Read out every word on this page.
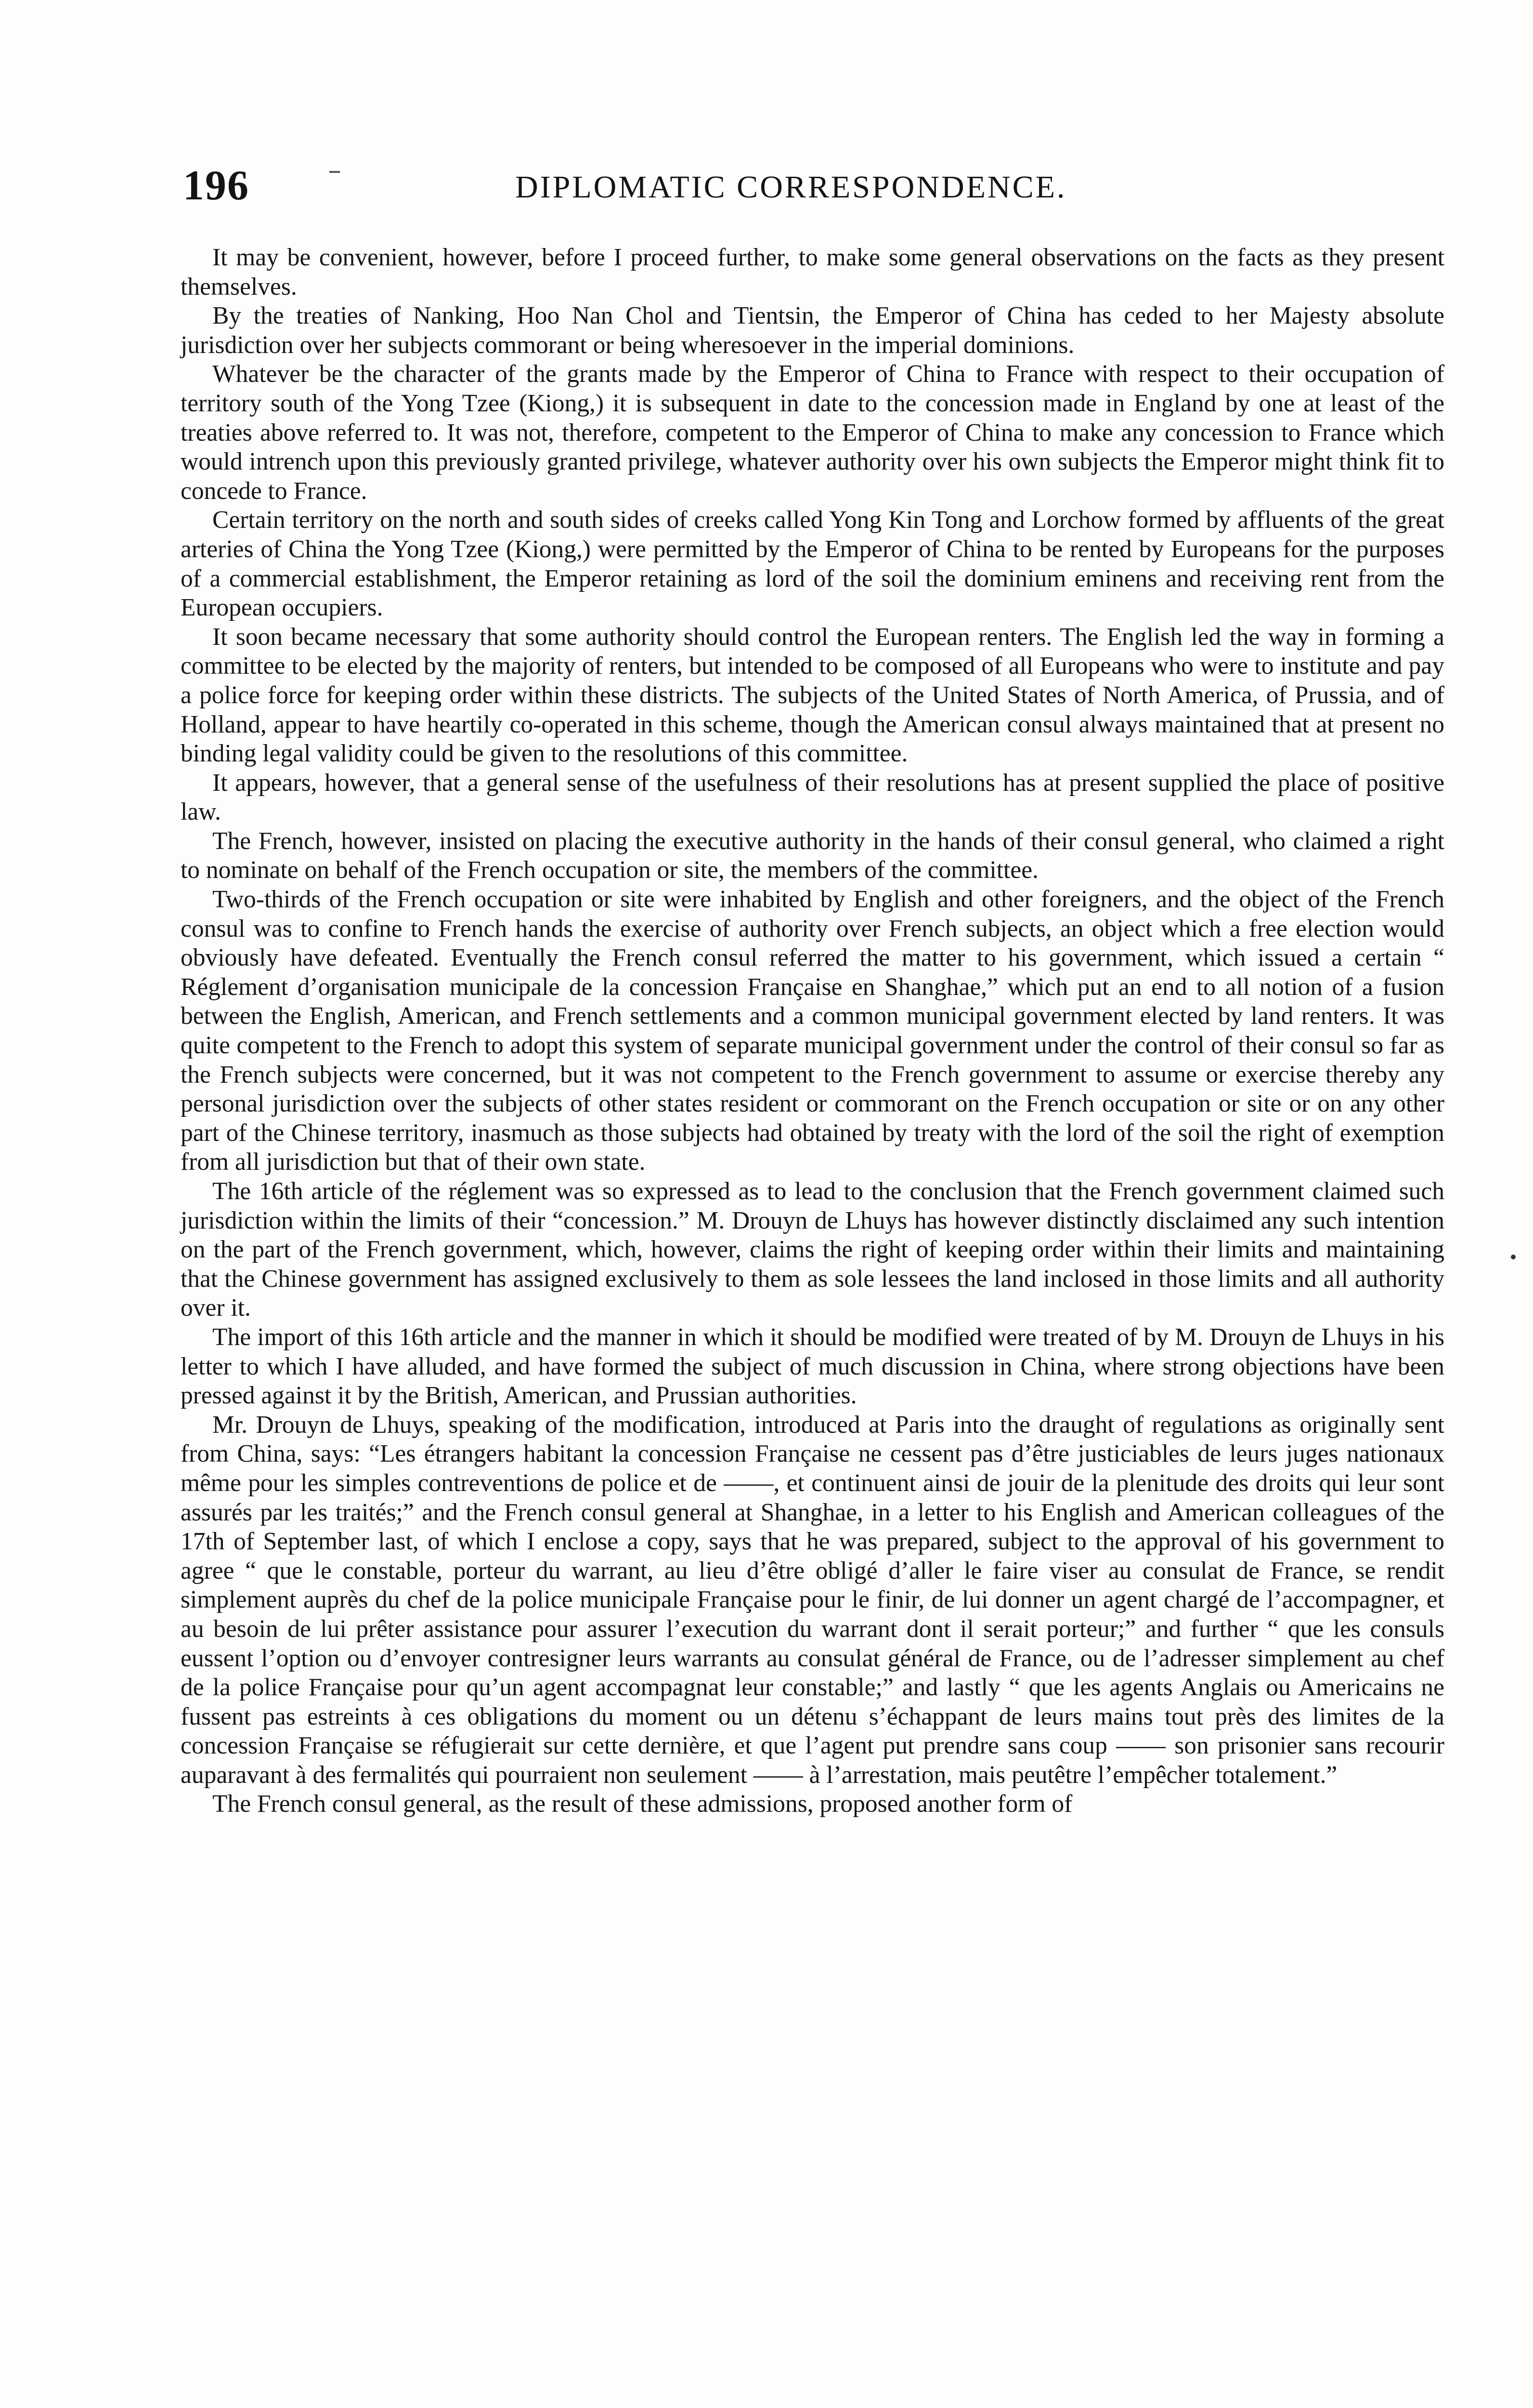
196	DIPLOMATIC CORRESPONDENCE.

It may be convenient, however, before I proceed further, to make some general observations on the facts as they present themselves.

By the treaties of Nanking, Hoo Nan Chol and Tientsin, the Emperor of China has ceded to her Majesty absolute jurisdiction over her subjects commorant or being wheresoever in the imperial dominions.

Whatever be the character of the grants made by the Emperor of China to France with respect to their occupation of territory south of the Yong Tzee (Kiong,) it is subsequent in date to the concession made in England by one at least of the treaties above referred to. It was not, therefore, competent to the Emperor of China to make any concession to France which would intrench upon this previously granted privilege, whatever authority over his own subjects the Emperor might think fit to concede to France.

Certain territory on the north and south sides of creeks called Yong Kin Tong and Lorchow formed by affluents of the great arteries of China the Yong Tzee (Kiong,) were permitted by the Emperor of China to be rented by Europeans for the purposes of a commercial establishment, the Emperor retaining as lord of the soil the dominium eminens and receiving rent from the European occupiers.

It soon became necessary that some authority should control the European renters. The English led the way in forming a committee to be elected by the majority of renters, but intended to be composed of all Europeans who were to institute and pay a police force for keeping order within these districts. The subjects of the United States of North America, of Prussia, and of Holland, appear to have heartily co-operated in this scheme, though the American consul always maintained that at present no binding legal validity could be given to the resolutions of this committee.

It appears, however, that a general sense of the usefulness of their resolutions has at present supplied the place of positive law.

The French, however, insisted on placing the executive authority in the hands of their consul general, who claimed a right to nominate on behalf of the French occupation or site, the members of the committee.

Two-thirds of the French occupation or site were inhabited by English and other foreigners, and the object of the French consul was to confine to French hands the exercise of authority over French subjects, an object which a free election would obviously have defeated. Eventually the French consul referred the matter to his government, which issued a certain “ Réglement d’organisation municipale de la concession Française en Shanghae,” which put an end to all notion of a fusion between the English, American, and French settlements and a common municipal government elected by land renters. It was quite competent to the French to adopt this system of separate municipal government under the control of their consul so far as the French subjects were concerned, but it was not competent to the French government to assume or exercise thereby any personal jurisdiction over the subjects of other states resident or commorant on the French occupation or site or on any other part of the Chinese territory, inasmuch as those subjects had obtained by treaty with the lord of the soil the right of exemption from all jurisdiction but that of their own state.

The 16th article of the réglement was so expressed as to lead to the conclusion that the French government claimed such jurisdiction within the limits of their “concession.” M. Drouyn de Lhuys has however distinctly disclaimed any such intention on the part of the French government, which, however, claims the right of keeping order within their limits and maintaining that the Chinese government has assigned exclusively to them as sole lessees the land inclosed in those limits and all authority over it.

The import of this 16th article and the manner in which it should be modified were treated of by M. Drouyn de Lhuys in his letter to which I have alluded, and have formed the subject of much discussion in China, where strong objections have been pressed against it by the British, American, and Prussian authorities.

Mr. Drouyn de Lhuys, speaking of the modification, introduced at Paris into the draught of regulations as originally sent from China, says: “Les étrangers habitant la concession Française ne cessent pas d’être justiciables de leurs juges nationaux même pour les simples contreventions de police et de ——, et continuent ainsi de jouir de la plenitude des droits qui leur sont assurés par les traités;” and the French consul general at Shanghae, in a letter to his English and American colleagues of the 17th of September last, of which I enclose a copy, says that he was prepared, subject to the approval of his government to agree “ que le constable, porteur du warrant, au lieu d’être obligé d’aller le faire viser au consulat de France, se rendit simplement auprès du chef de la police municipale Française pour le finir, de lui donner un agent chargé de l’accompagner, et au besoin de lui prêter assistance pour assurer l’execution du warrant dont il serait porteur;” and further “ que les consuls eussent l’option ou d’envoyer contresigner leurs warrants au consulat général de France, ou de l’adresser simplement au chef de la police Française pour qu’un agent accompagnat leur constable;” and lastly “ que les agents Anglais ou Americains ne fussent pas estreints à ces obligations du moment ou un détenu s’échappant de leurs mains tout près des limites de la concession Française se réfugierait sur cette dernière, et que l’agent put prendre sans coup —— son prisonier sans recourir auparavant à des fermalités qui pourraient non seulement —— à l’arrestation, mais peutêtre l’empêcher totalement.”

The French consul general, as the result of these admissions, proposed another form of
